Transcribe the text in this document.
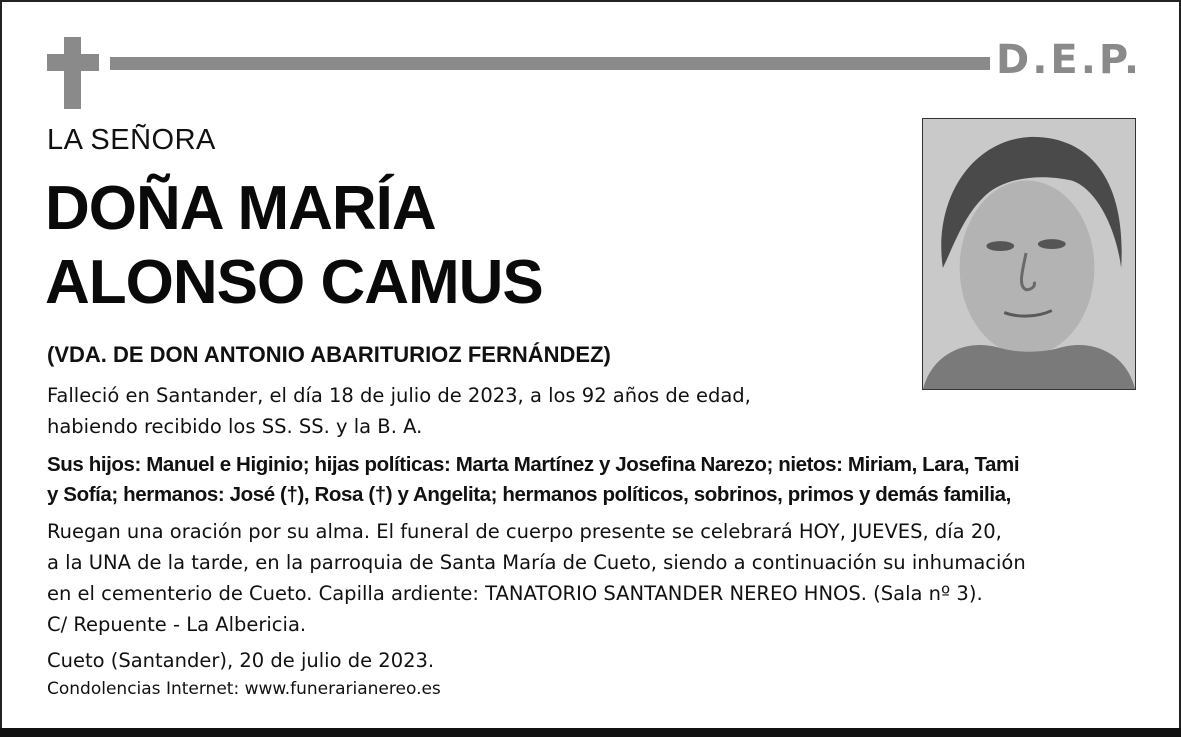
D.E.P.
LA SEÑORA
DOÑA MARÍA
ALONSO CAMUS
(VDA. DE DON ANTONIO ABARITURIOZ FERNÁNDEZ)
Falleció en Santander, el día 18 de julio de 2023, a los 92 años de edad,
habiendo recibido los SS. SS. y la B. A.
Sus hijos: Manuel e Higinio; hijas políticas: Marta Martínez y Josefina Narezo; nietos: Miriam, Lara, Tami
y Sofía; hermanos: José (†), Rosa (†) y Angelita; hermanos políticos, sobrinos, primos y demás familia,
Ruegan una oración por su alma. El funeral de cuerpo presente se celebrará HOY, JUEVES, día 20,
a la UNA de la tarde, en la parroquia de Santa María de Cueto, siendo a continuación su inhumación
en el cementerio de Cueto. Capilla ardiente: TANATORIO SANTANDER NEREO HNOS. (Sala nº 3).
C/ Repuente - La Albericia.
Cueto (Santander), 20 de julio de 2023.
Condolencias Internet: www.funerarianereo.es
